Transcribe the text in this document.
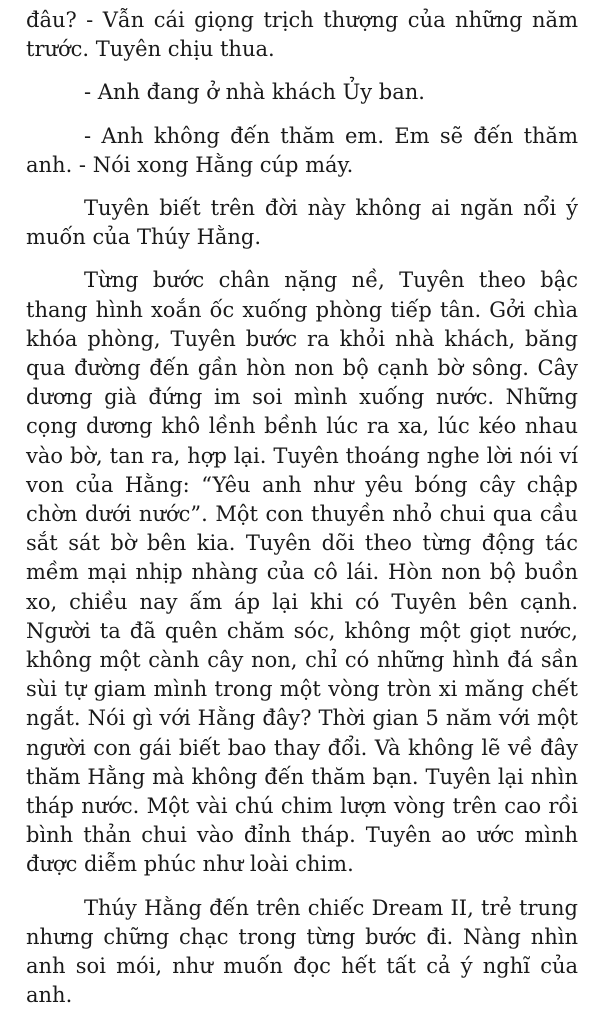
đâu? - Vẫn cái giọng trịch thượng của những năm trước. Tuyên chịu thua.

- Anh đang ở nhà khách Ủy ban.

- Anh không đến thăm em. Em sẽ đến thăm anh. - Nói xong Hằng cúp máy.

Tuyên biết trên đời này không ai ngăn nổi ý muốn của Thúy Hằng.

Từng bước chân nặng nề, Tuyên theo bậc thang hình xoắn ốc xuống phòng tiếp tân. Gởi chìa khóa phòng, Tuyên bước ra khỏi nhà khách, băng qua đường đến gần hòn non bộ cạnh bờ sông. Cây dương già đứng im soi mình xuống nước. Những cọng dương khô lềnh bềnh lúc ra xa, lúc kéo nhau vào bờ, tan ra, hợp lại. Tuyên thoáng nghe lời nói ví von của Hằng: “Yêu anh như yêu bóng cây chập chờn dưới nước”. Một con thuyền nhỏ chui qua cầu sắt sát bờ bên kia. Tuyên dõi theo từng động tác mềm mại nhịp nhàng của cô lái. Hòn non bộ buồn xo, chiều nay ấm áp lại khi có Tuyên bên cạnh. Người ta đã quên chăm sóc, không một giọt nước, không một cành cây non, chỉ có những hình đá sần sùi tự giam mình trong một vòng tròn xi măng chết ngắt. Nói gì với Hằng đây? Thời gian 5 năm với một người con gái biết bao thay đổi. Và không lẽ về đây thăm Hằng mà không đến thăm bạn. Tuyên lại nhìn tháp nước. Một vài chú chim lượn vòng trên cao rồi bình thản chui vào đỉnh tháp. Tuyên ao ước mình được diễm phúc như loài chim.

Thúy Hằng đến trên chiếc Dream II, trẻ trung nhưng chững chạc trong từng bước đi. Nàng nhìn anh soi mói, như muốn đọc hết tất cả ý nghĩ của anh.
